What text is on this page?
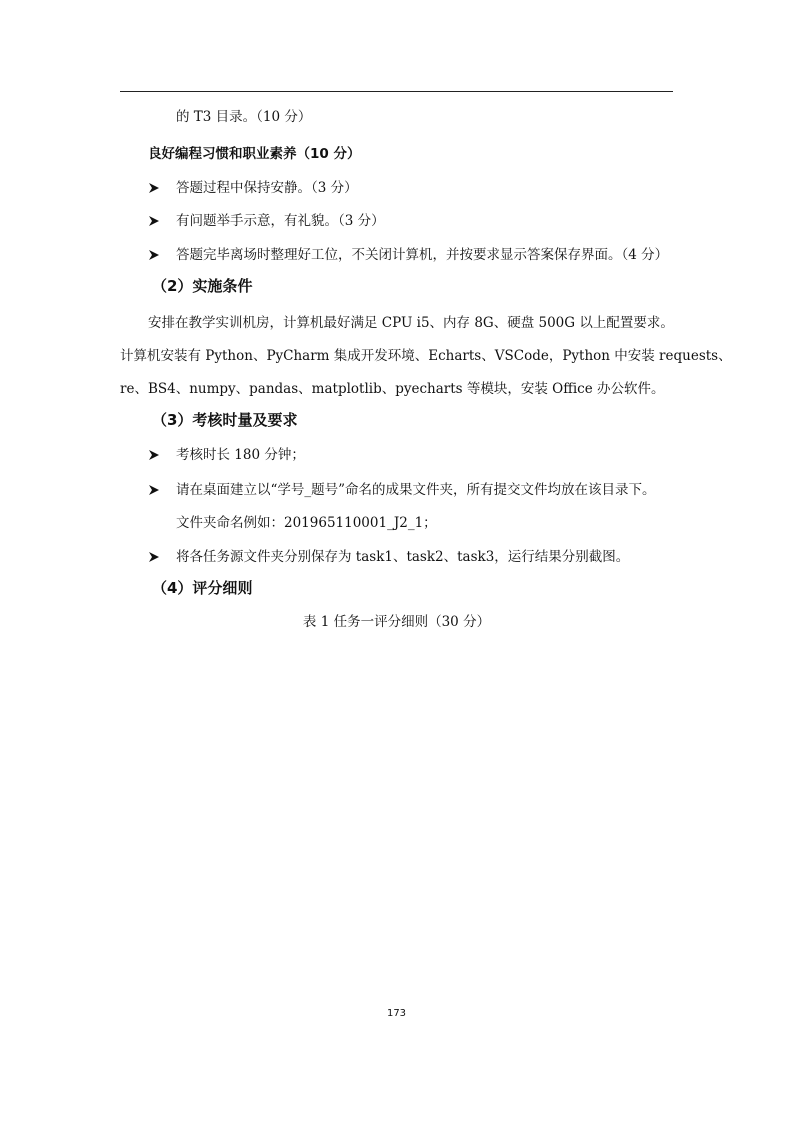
的 T3 目录。（10 分）
良好编程习惯和职业素养（10 分）
答题过程中保持安静。（3 分）
有问题举手示意，有礼貌。（3 分）
答题完毕离场时整理好工位，不关闭计算机，并按要求显示答案保存界面。（4 分）
（2）实施条件
安排在教学实训机房，计算机最好满足 CPU i5、内存 8G、硬盘 500G 以上配置要求。
计算机安装有 Python、PyCharm 集成开发环境、Echarts、VSCode，Python 中安装 requests、
re、BS4、numpy、pandas、matplotlib、pyecharts 等模块，安装 Office 办公软件。
（3）考核时量及要求
考核时长 180 分钟；
请在桌面建立以“学号_题号”命名的成果文件夹，所有提交文件均放在该目录下。
文件夹命名例如：201965110001_J2_1；
将各任务源文件夹分别保存为 task1、task2、task3，运行结果分别截图。
（4）评分细则
表 1 任务一评分细则（30 分）
173
